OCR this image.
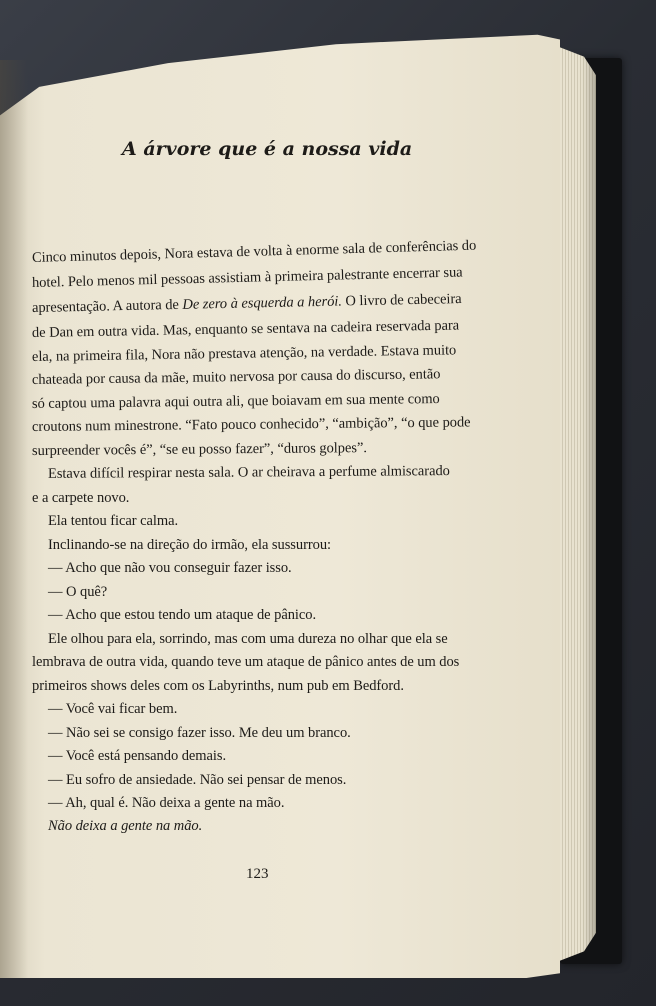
A árvore que é a nossa vida
Cinco minutos depois, Nora estava de volta à enorme sala de conferências do
hotel. Pelo menos mil pessoas assistiam à primeira palestrante encerrar sua
apresentação. A autora de De zero à esquerda a herói. O livro de cabeceira
de Dan em outra vida. Mas, enquanto se sentava na cadeira reservada para
ela, na primeira fila, Nora não prestava atenção, na verdade. Estava muito
chateada por causa da mãe, muito nervosa por causa do discurso, então
só captou uma palavra aqui outra ali, que boiavam em sua mente como
croutons num minestrone. “Fato pouco conhecido”, “ambição”, “o que pode
surpreender vocês é”, “se eu posso fazer”, “duros golpes”.
Estava difícil respirar nesta sala. O ar cheirava a perfume almiscarado
e a carpete novo.
Ela tentou ficar calma.
Inclinando-se na direção do irmão, ela sussurrou:
— Acho que não vou conseguir fazer isso.
— O quê?
— Acho que estou tendo um ataque de pânico.
Ele olhou para ela, sorrindo, mas com uma dureza no olhar que ela se
lembrava de outra vida, quando teve um ataque de pânico antes de um dos
primeiros shows deles com os Labyrinths, num pub em Bedford.
— Você vai ficar bem.
— Não sei se consigo fazer isso. Me deu um branco.
— Você está pensando demais.
— Eu sofro de ansiedade. Não sei pensar de menos.
— Ah, qual é. Não deixa a gente na mão.
Não deixa a gente na mão.
123
